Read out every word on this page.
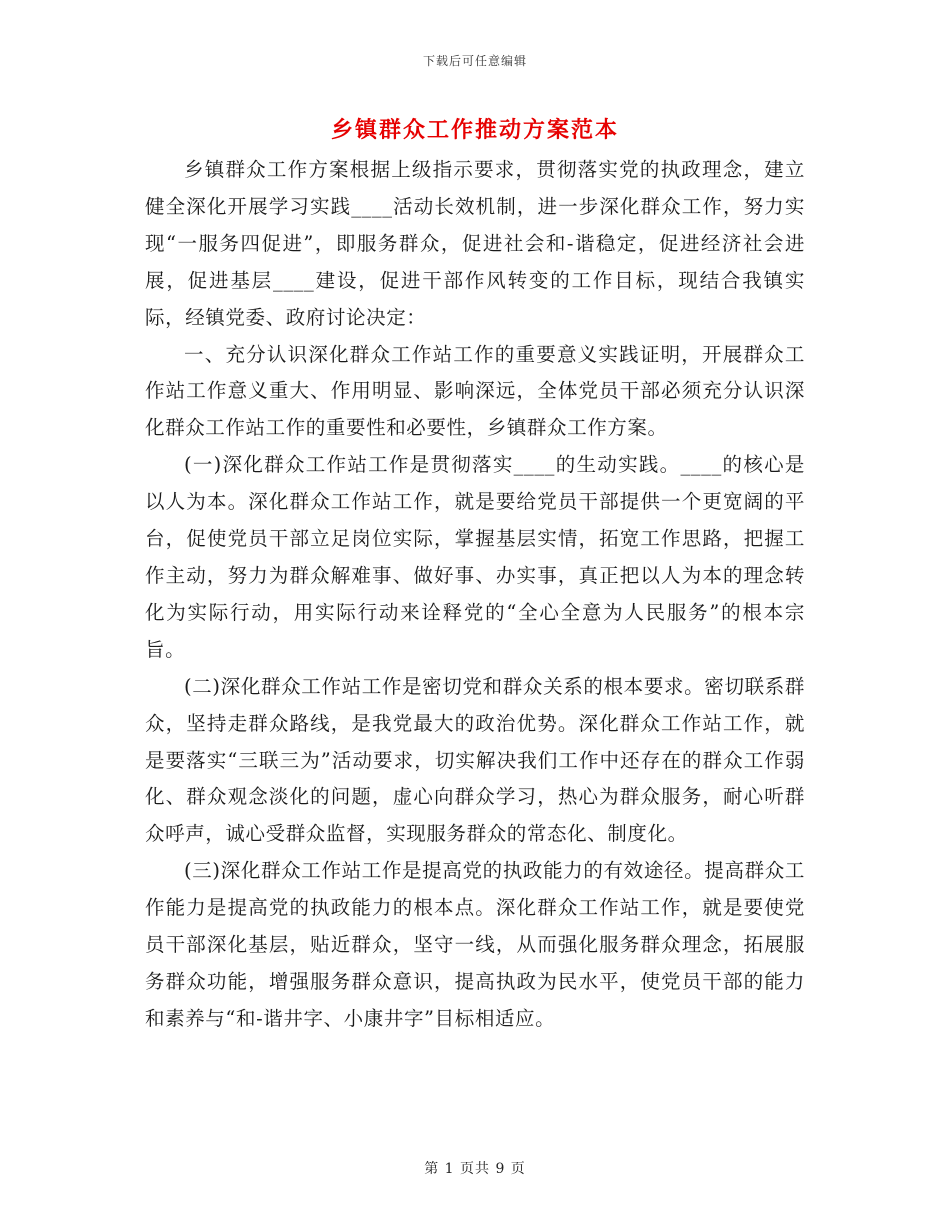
下载后可任意编辑
乡镇群众工作推动方案范本

乡镇群众工作方案根据上级指示要求，贯彻落实党的执政理念，建立健全深化开展学习实践____活动长效机制，进一步深化群众工作，努力实现“一服务四促进”，即服务群众，促进社会和-谐稳定，促进经济社会进展，促进基层____建设，促进干部作风转变的工作目标，现结合我镇实际，经镇党委、政府讨论决定：

一、充分认识深化群众工作站工作的重要意义实践证明，开展群众工作站工作意义重大、作用明显、影响深远，全体党员干部必须充分认识深化群众工作站工作的重要性和必要性，乡镇群众工作方案。

(一)深化群众工作站工作是贯彻落实____的生动实践。____的核心是以人为本。深化群众工作站工作，就是要给党员干部提供一个更宽阔的平台，促使党员干部立足岗位实际，掌握基层实情，拓宽工作思路，把握工作主动，努力为群众解难事、做好事、办实事，真正把以人为本的理念转化为实际行动，用实际行动来诠释党的“全心全意为人民服务”的根本宗旨。

(二)深化群众工作站工作是密切党和群众关系的根本要求。密切联系群众，坚持走群众路线，是我党最大的政治优势。深化群众工作站工作，就是要落实“三联三为”活动要求，切实解决我们工作中还存在的群众工作弱化、群众观念淡化的问题，虚心向群众学习，热心为群众服务，耐心听群众呼声，诚心受群众监督，实现服务群众的常态化、制度化。

(三)深化群众工作站工作是提高党的执政能力的有效途径。提高群众工作能力是提高党的执政能力的根本点。深化群众工作站工作，就是要使党员干部深化基层，贴近群众，坚守一线，从而强化服务群众理念，拓展服务群众功能，增强服务群众意识，提高执政为民水平，使党员干部的能力和素养与“和-谐井字、小康井字”目标相适应。

第 1 页共 9 页
